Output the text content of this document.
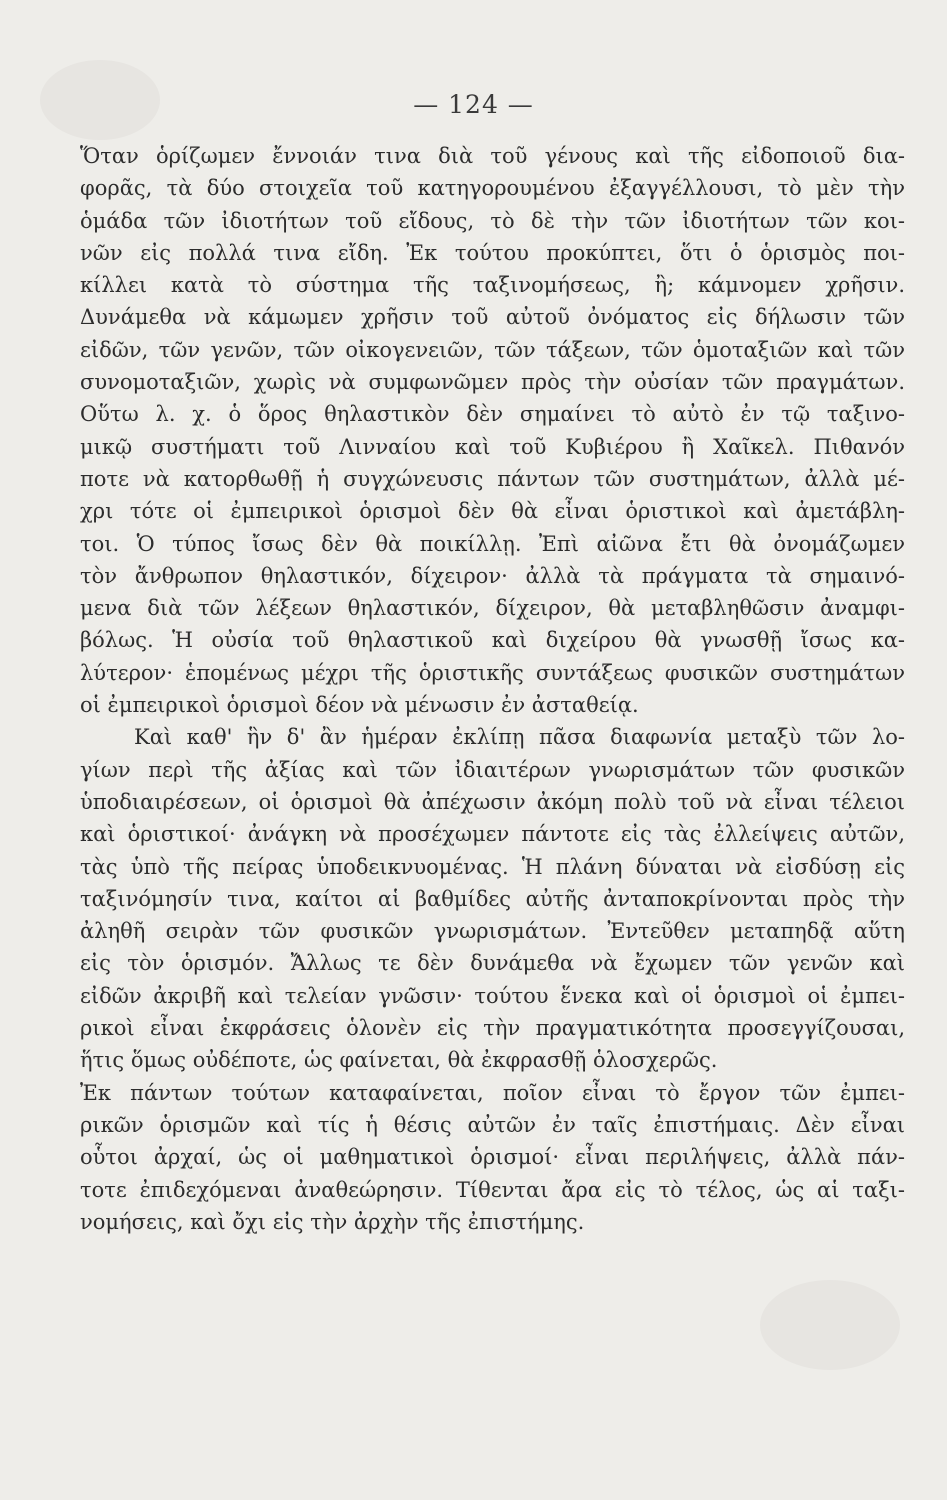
— 124 —
Ὅταν ὁρίζωμεν ἔννοιάν τινα διὰ τοῦ γένους καὶ τῆς εἰδοποιοῦ δια-
φορᾶς, τὰ δύο στοιχεῖα τοῦ κατηγορουμένου ἐξαγγέλλουσι, τὸ μὲν τὴν
ὁμάδα τῶν ἰδιοτήτων τοῦ εἴδους, τὸ δὲ τὴν τῶν ἰδιοτήτων τῶν κοι-
νῶν εἰς πολλά τινα εἴδη. Ἐκ τούτου προκύπτει, ὅτι ὁ ὁρισμὸς ποι-
κίλλει κατὰ τὸ σύστημα τῆς ταξινομήσεως, ἢ; κάμνομεν χρῆσιν.
Δυνάμεθα νὰ κάμωμεν χρῆσιν τοῦ αὐτοῦ ὀνόματος εἰς δήλωσιν τῶν
εἰδῶν, τῶν γενῶν, τῶν οἰκογενειῶν, τῶν τάξεων, τῶν ὁμοταξιῶν καὶ τῶν
συνομοταξιῶν, χωρὶς νὰ συμφωνῶμεν πρὸς τὴν οὐσίαν τῶν πραγμάτων.
Οὕτω λ. χ. ὁ ὅρος θηλαστικὸν δὲν σημαίνει τὸ αὐτὸ ἐν τῷ ταξινο-
μικῷ συστήματι τοῦ Λινναίου καὶ τοῦ Κυβιέρου ἢ Χαῖκελ. Πιθανόν
ποτε νὰ κατορθωθῇ ἡ συγχώνευσις πάντων τῶν συστημάτων, ἀλλὰ μέ-
χρι τότε οἱ ἐμπειρικοὶ ὁρισμοὶ δὲν θὰ εἶναι ὁριστικοὶ καὶ ἀμετάβλη-
τοι. Ὁ τύπος ἴσως δὲν θὰ ποικίλλῃ. Ἐπὶ αἰῶνα ἔτι θὰ ὀνομάζωμεν
τὸν ἄνθρωπον θηλαστικόν, δίχειρον· ἀλλὰ τὰ πράγματα τὰ σημαινό-
μενα διὰ τῶν λέξεων θηλαστικόν, δίχειρον, θὰ μεταβληθῶσιν ἀναμφι-
βόλως. Ἡ οὐσία τοῦ θηλαστικοῦ καὶ διχείρου θὰ γνωσθῇ ἴσως κα-
λύτερον· ἑπομένως μέχρι τῆς ὁριστικῆς συντάξεως φυσικῶν συστημάτων
οἱ ἐμπειρικοὶ ὁρισμοὶ δέον νὰ μένωσιν ἐν ἀσταθείᾳ.
Καὶ καθ' ἣν δ' ἂν ἡμέραν ἐκλίπῃ πᾶσα διαφωνία μεταξὺ τῶν λο-
γίων περὶ τῆς ἀξίας καὶ τῶν ἰδιαιτέρων γνωρισμάτων τῶν φυσικῶν
ὑποδιαιρέσεων, οἱ ὁρισμοὶ θὰ ἀπέχωσιν ἀκόμη πολὺ τοῦ νὰ εἶναι τέλειοι
καὶ ὁριστικοί· ἀνάγκη νὰ προσέχωμεν πάντοτε εἰς τὰς ἐλλείψεις αὐτῶν,
τὰς ὑπὸ τῆς πείρας ὑποδεικνυομένας. Ἡ πλάνη δύναται νὰ εἰσδύσῃ εἰς
ταξινόμησίν τινα, καίτοι αἱ βαθμίδες αὐτῆς ἀνταποκρίνονται πρὸς τὴν
ἀληθῆ σειρὰν τῶν φυσικῶν γνωρισμάτων. Ἐντεῦθεν μεταπηδᾷ αὕτη
εἰς τὸν ὁρισμόν. Ἄλλως τε δὲν δυνάμεθα νὰ ἔχωμεν τῶν γενῶν καὶ
εἰδῶν ἀκριβῆ καὶ τελείαν γνῶσιν· τούτου ἕνεκα καὶ οἱ ὁρισμοὶ οἱ ἐμπει-
ρικοὶ εἶναι ἐκφράσεις ὁλονὲν εἰς τὴν πραγματικότητα προσεγγίζουσαι,
ἥτις ὅμως οὐδέποτε, ὡς φαίνεται, θὰ ἐκφρασθῇ ὁλοσχερῶς.
Ἐκ πάντων τούτων καταφαίνεται, ποῖον εἶναι τὸ ἔργον τῶν ἐμπει-
ρικῶν ὁρισμῶν καὶ τίς ἡ θέσις αὐτῶν ἐν ταῖς ἐπιστήμαις. Δὲν εἶναι
οὗτοι ἀρχαί, ὡς οἱ μαθηματικοὶ ὁρισμοί· εἶναι περιλήψεις, ἀλλὰ πάν-
τοτε ἐπιδεχόμεναι ἀναθεώρησιν. Τίθενται ἄρα εἰς τὸ τέλος, ὡς αἱ ταξι-
νομήσεις, καὶ ὄχι εἰς τὴν ἀρχὴν τῆς ἐπιστήμης.
